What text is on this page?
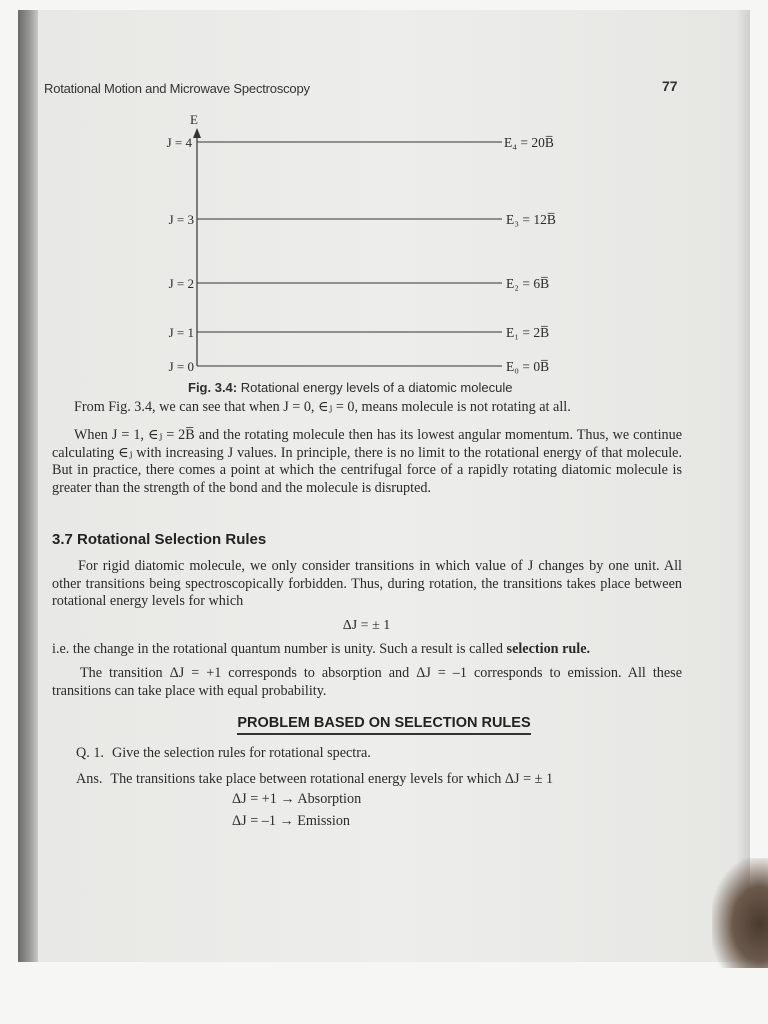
Rotational Motion and Microwave Spectroscopy	77
E
J = 4	E₄ = 20B̅
J = 3	E₃ = 12B̅
J = 2	E₂ = 6B̅
J = 1	E₁ = 2B̅
J = 0	E₀ = 0B̅
Fig. 3.4: Rotational energy levels of a diatomic molecule
From Fig. 3.4, we can see that when J = 0, ∈ⱼ = 0, means molecule is not rotating at all.
When J = 1, ∈ⱼ = 2B̅ and the rotating molecule then has its lowest angular momentum. Thus, we continue calculating ∈ⱼ with increasing J values. In principle, there is no limit to the rotational energy of that molecule. But in practice, there comes a point at which the centrifugal force of a rapidly rotating diatomic molecule is greater than the strength of the bond and the molecule is disrupted.
3.7 Rotational Selection Rules
For rigid diatomic molecule, we only consider transitions in which value of J changes by one unit. All other transitions being spectroscopically forbidden. Thus, during rotation, the transitions takes place between rotational energy levels for which
ΔJ = ± 1
i.e. the change in the rotational quantum number is unity. Such a result is called selection rule.
The transition ΔJ = +1 corresponds to absorption and ΔJ = –1 corresponds to emission. All these transitions can take place with equal probability.
PROBLEM BASED ON SELECTION RULES
Q. 1. Give the selection rules for rotational spectra.
Ans. The transitions take place between rotational energy levels for which ΔJ = ± 1
ΔJ = +1 → Absorption
ΔJ = –1 → Emission
